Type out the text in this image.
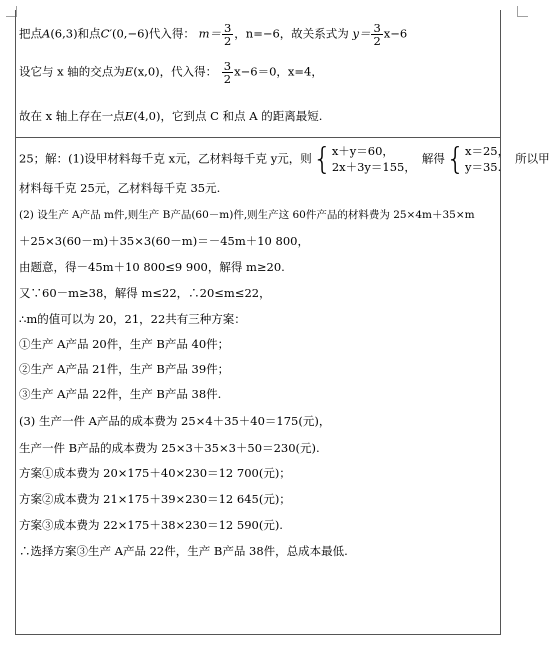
把点A(6,3)和点C′(0,−6)代入得： $m= \frac{3}{2}$ ，n=−6，故关系式为 $y= \frac{3}{2} x-6$
设它与 x 轴的交点为E(x,0)，代入得： $\frac{3}{2} x-6=0$，x=4，
故在 x 轴上存在一点E(4,0)，它到点 C 和点 A 的距离最短.
25；解：(1)设甲材料每千克 x元，乙材料每千克 y元，则{ x＋y＝60，
2x＋3y＝155，
解得{ x＝25，
y＝35.
所以甲
材料每千克 25元，乙材料每千克 35元.
(2) 设生产 A产品 m件,则生产 B产品(60－m)件,则生产这 60件产品的材料费为 25×4m＋35×m
＋25×3(60－m)＋35×3(60－m)＝－45m＋10 800，
由题意，得－45m＋10 800≤9 900，解得 m≥20.
又∵60－m≥38，解得 m≤22，∴20≤m≤22，
∴m的值可以为 20，21，22共有三种方案：
①生产 A产品 20件，生产 B产品 40件；
②生产 A产品 21件，生产 B产品 39件；
③生产 A产品 22件，生产 B产品 38件.
(3) 生产一件 A产品的成本费为 25×4＋35＋40＝175(元)，
生产一件 B产品的成本费为 25×3＋35×3＋50＝230(元).
方案①成本费为 20×175＋40×230＝12 700(元)；
方案②成本费为 21×175＋39×230＝12 645(元)；
方案③成本费为 22×175＋38×230＝12 590(元).
∴选择方案③生产 A产品 22件，生产 B产品 38件，总成本最低.
